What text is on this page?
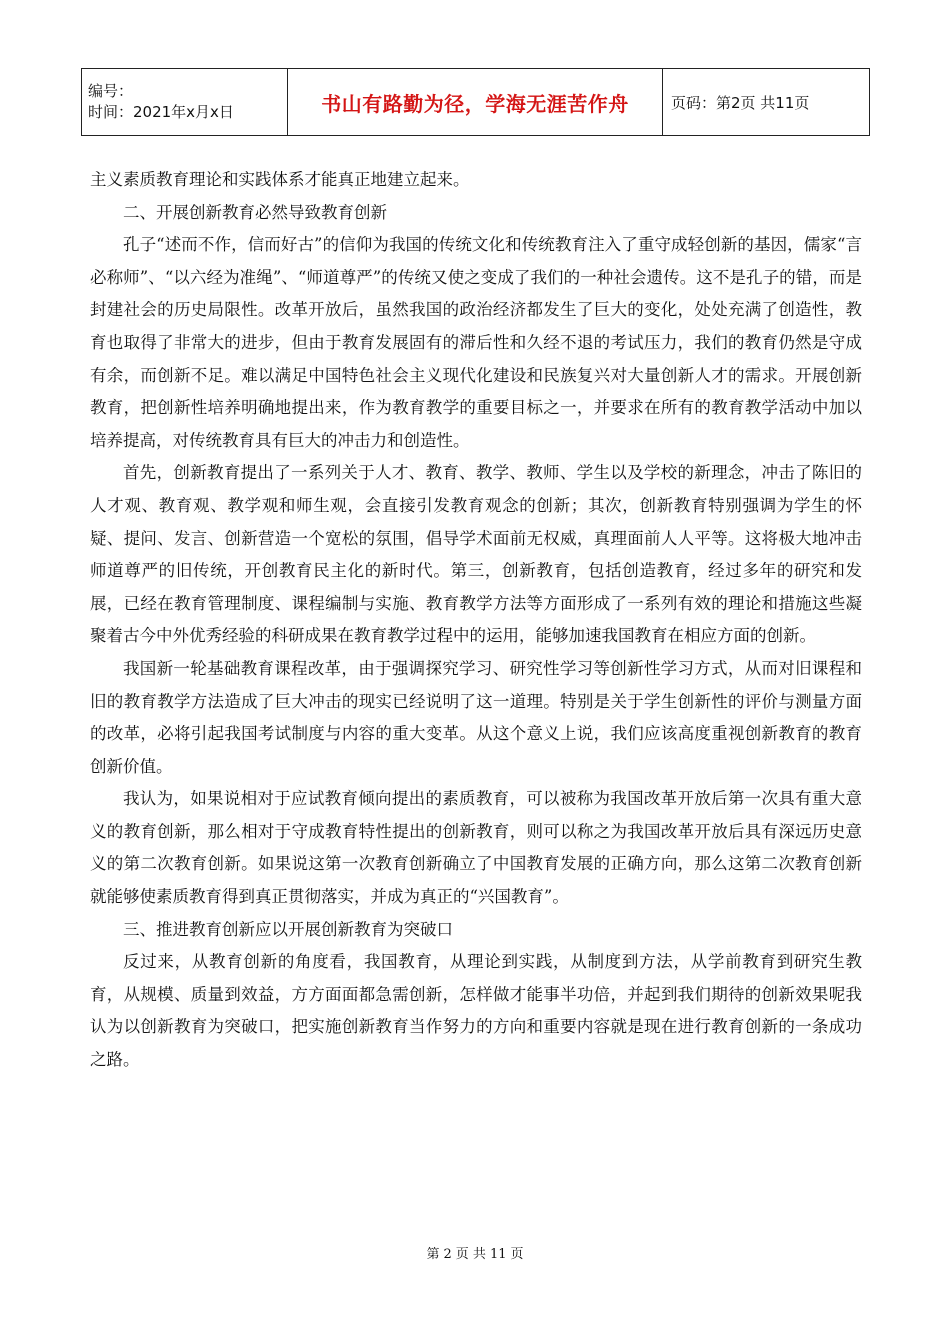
编号：
时间：2021年x月x日	书山有路勤为径，学海无涯苦作舟	页码：第2页 共11页

主义素质教育理论和实践体系才能真正地建立起来。

二、开展创新教育必然导致教育创新

孔子“述而不作，信而好古”的信仰为我国的传统文化和传统教育注入了重守成轻创新的基因，儒家“言必称师”、“以六经为准绳”、“师道尊严”的传统又使之变成了我们的一种社会遗传。这不是孔子的错，而是封建社会的历史局限性。改革开放后，虽然我国的政治经济都发生了巨大的变化，处处充满了创造性，教育也取得了非常大的进步，但由于教育发展固有的滞后性和久经不退的考试压力，我们的教育仍然是守成有余，而创新不足。难以满足中国特色社会主义现代化建设和民族复兴对大量创新人才的需求。开展创新教育，把创新性培养明确地提出来，作为教育教学的重要目标之一，并要求在所有的教育教学活动中加以培养提高，对传统教育具有巨大的冲击力和创造性。

首先，创新教育提出了一系列关于人才、教育、教学、教师、学生以及学校的新理念，冲击了陈旧的人才观、教育观、教学观和师生观，会直接引发教育观念的创新；其次，创新教育特别强调为学生的怀疑、提问、发言、创新营造一个宽松的氛围，倡导学术面前无权威，真理面前人人平等。这将极大地冲击师道尊严的旧传统，开创教育民主化的新时代。第三，创新教育，包括创造教育，经过多年的研究和发展，已经在教育管理制度、课程编制与实施、教育教学方法等方面形成了一系列有效的理论和措施这些凝聚着古今中外优秀经验的科研成果在教育教学过程中的运用，能够加速我国教育在相应方面的创新。

我国新一轮基础教育课程改革，由于强调探究学习、研究性学习等创新性学习方式，从而对旧课程和旧的教育教学方法造成了巨大冲击的现实已经说明了这一道理。特别是关于学生创新性的评价与测量方面的改革，必将引起我国考试制度与内容的重大变革。从这个意义上说，我们应该高度重视创新教育的教育创新价值。

我认为，如果说相对于应试教育倾向提出的素质教育，可以被称为我国改革开放后第一次具有重大意义的教育创新，那么相对于守成教育特性提出的创新教育，则可以称之为我国改革开放后具有深远历史意义的第二次教育创新。如果说这第一次教育创新确立了中国教育发展的正确方向，那么这第二次教育创新就能够使素质教育得到真正贯彻落实，并成为真正的“兴国教育”。

三、推进教育创新应以开展创新教育为突破口

反过来，从教育创新的角度看，我国教育，从理论到实践，从制度到方法，从学前教育到研究生教育，从规模、质量到效益，方方面面都急需创新，怎样做才能事半功倍，并起到我们期待的创新效果呢我认为以创新教育为突破口，把实施创新教育当作努力的方向和重要内容就是现在进行教育创新的一条成功之路。

第 2 页 共 11 页
